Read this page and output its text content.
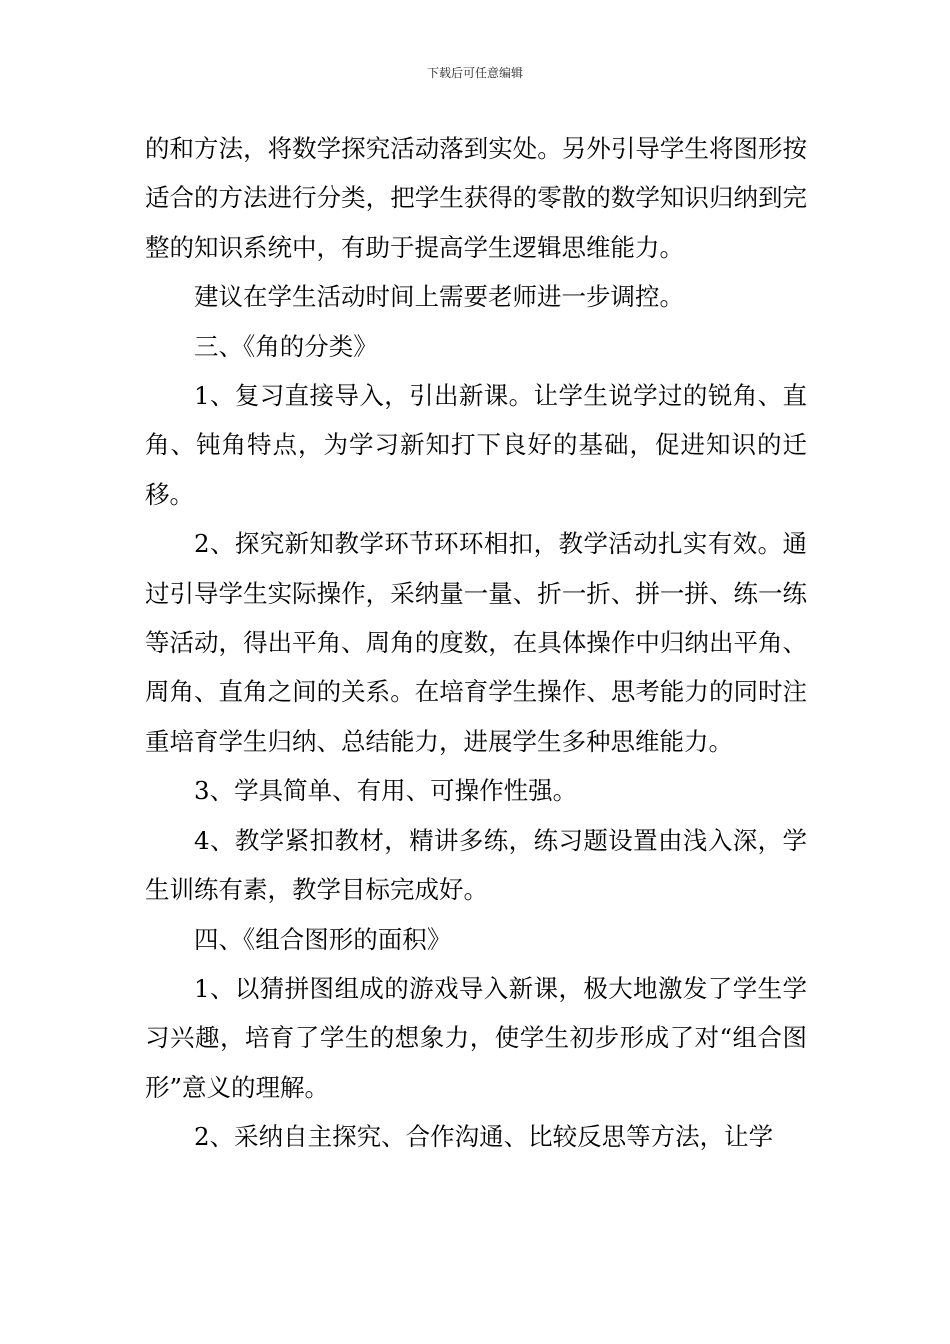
下载后可任意编辑

的和方法，将数学探究活动落到实处。另外引导学生将图形按适合的方法进行分类，把学生获得的零散的数学知识归纳到完整的知识系统中，有助于提高学生逻辑思维能力。

建议在学生活动时间上需要老师进一步调控。

三、《角的分类》

1、复习直接导入，引出新课。让学生说学过的锐角、直角、钝角特点，为学习新知打下良好的基础，促进知识的迁移。

2、探究新知教学环节环环相扣，教学活动扎实有效。通过引导学生实际操作，采纳量一量、折一折、拼一拼、练一练等活动，得出平角、周角的度数，在具体操作中归纳出平角、周角、直角之间的关系。在培育学生操作、思考能力的同时注重培育学生归纳、总结能力，进展学生多种思维能力。

3、学具简单、有用、可操作性强。

4、教学紧扣教材，精讲多练，练习题设置由浅入深，学生训练有素，教学目标完成好。

四、《组合图形的面积》

1、以猜拼图组成的游戏导入新课，极大地激发了学生学习兴趣，培育了学生的想象力，使学生初步形成了对“组合图形”意义的理解。

2、采纳自主探究、合作沟通、比较反思等方法，让学
